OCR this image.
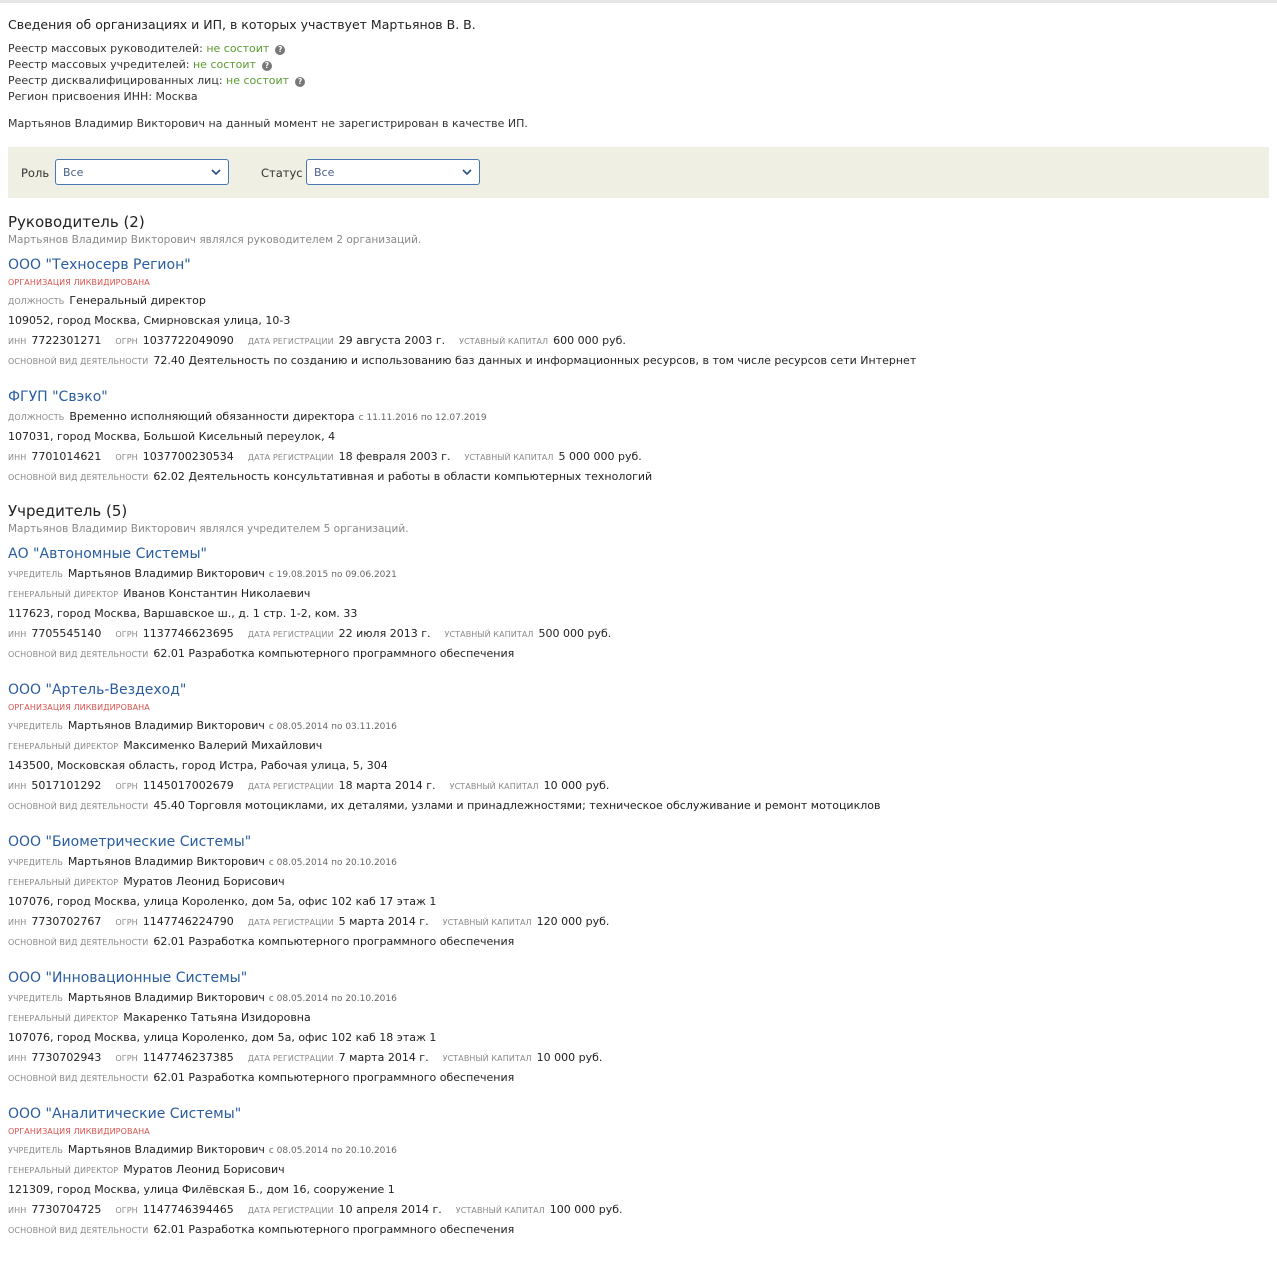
Сведения об организациях и ИП, в которых участвует Мартьянов В. В.
Реестр массовых руководителей: не состоит ?
Реестр массовых учредителей: не состоит ?
Реестр дисквалифицированных лиц: не состоит ?
Регион присвоения ИНН: Москва
Мартьянов Владимир Викторович на данный момент не зарегистрирован в качестве ИП.
Роль Все	Статус Все
Руководитель (2)
Мартьянов Владимир Викторович являлся руководителем 2 организаций.
ООО "Техносерв Регион"
ОРГАНИЗАЦИЯ ЛИКВИДИРОВАНА
ДОЛЖНОСТЬ Генеральный директор
109052, город Москва, Смирновская улица, 10-3
ИНН 7722301271 ОГРН 1037722049090 ДАТА РЕГИСТРАЦИИ 29 августа 2003 г. УСТАВНЫЙ КАПИТАЛ 600 000 руб.
ОСНОВНОЙ ВИД ДЕЯТЕЛЬНОСТИ 72.40 Деятельность по созданию и использованию баз данных и информационных ресурсов, в том числе ресурсов сети Интернет
ФГУП "Свэко"
ДОЛЖНОСТЬ Временно исполняющий обязанности директора с 11.11.2016 по 12.07.2019
107031, город Москва, Большой Кисельный переулок, 4
ИНН 7701014621 ОГРН 1037700230534 ДАТА РЕГИСТРАЦИИ 18 февраля 2003 г. УСТАВНЫЙ КАПИТАЛ 5 000 000 руб.
ОСНОВНОЙ ВИД ДЕЯТЕЛЬНОСТИ 62.02 Деятельность консультативная и работы в области компьютерных технологий
Учредитель (5)
Мартьянов Владимир Викторович являлся учредителем 5 организаций.
АО "Автономные Системы"
УЧРЕДИТЕЛЬ Мартьянов Владимир Викторович с 19.08.2015 по 09.06.2021
ГЕНЕРАЛЬНЫЙ ДИРЕКТОР Иванов Константин Николаевич
117623, город Москва, Варшавское ш., д. 1 стр. 1-2, ком. 33
ИНН 7705545140 ОГРН 1137746623695 ДАТА РЕГИСТРАЦИИ 22 июля 2013 г. УСТАВНЫЙ КАПИТАЛ 500 000 руб.
ОСНОВНОЙ ВИД ДЕЯТЕЛЬНОСТИ 62.01 Разработка компьютерного программного обеспечения
ООО "Артель-Вездеход"
ОРГАНИЗАЦИЯ ЛИКВИДИРОВАНА
УЧРЕДИТЕЛЬ Мартьянов Владимир Викторович с 08.05.2014 по 03.11.2016
ГЕНЕРАЛЬНЫЙ ДИРЕКТОР Максименко Валерий Михайлович
143500, Московская область, город Истра, Рабочая улица, 5, 304
ИНН 5017101292 ОГРН 1145017002679 ДАТА РЕГИСТРАЦИИ 18 марта 2014 г. УСТАВНЫЙ КАПИТАЛ 10 000 руб.
ОСНОВНОЙ ВИД ДЕЯТЕЛЬНОСТИ 45.40 Торговля мотоциклами, их деталями, узлами и принадлежностями; техническое обслуживание и ремонт мотоциклов
ООО "Биометрические Системы"
УЧРЕДИТЕЛЬ Мартьянов Владимир Викторович с 08.05.2014 по 20.10.2016
ГЕНЕРАЛЬНЫЙ ДИРЕКТОР Муратов Леонид Борисович
107076, город Москва, улица Короленко, дом 5а, офис 102 каб 17 этаж 1
ИНН 7730702767 ОГРН 1147746224790 ДАТА РЕГИСТРАЦИИ 5 марта 2014 г. УСТАВНЫЙ КАПИТАЛ 120 000 руб.
ОСНОВНОЙ ВИД ДЕЯТЕЛЬНОСТИ 62.01 Разработка компьютерного программного обеспечения
ООО "Инновационные Системы"
УЧРЕДИТЕЛЬ Мартьянов Владимир Викторович с 08.05.2014 по 20.10.2016
ГЕНЕРАЛЬНЫЙ ДИРЕКТОР Макаренко Татьяна Изидоровна
107076, город Москва, улица Короленко, дом 5а, офис 102 каб 18 этаж 1
ИНН 7730702943 ОГРН 1147746237385 ДАТА РЕГИСТРАЦИИ 7 марта 2014 г. УСТАВНЫЙ КАПИТАЛ 10 000 руб.
ОСНОВНОЙ ВИД ДЕЯТЕЛЬНОСТИ 62.01 Разработка компьютерного программного обеспечения
ООО "Аналитические Системы"
ОРГАНИЗАЦИЯ ЛИКВИДИРОВАНА
УЧРЕДИТЕЛЬ Мартьянов Владимир Викторович с 08.05.2014 по 20.10.2016
ГЕНЕРАЛЬНЫЙ ДИРЕКТОР Муратов Леонид Борисович
121309, город Москва, улица Филёвская Б., дом 16, сооружение 1
ИНН 7730704725 ОГРН 1147746394465 ДАТА РЕГИСТРАЦИИ 10 апреля 2014 г. УСТАВНЫЙ КАПИТАЛ 100 000 руб.
ОСНОВНОЙ ВИД ДЕЯТЕЛЬНОСТИ 62.01 Разработка компьютерного программного обеспечения
